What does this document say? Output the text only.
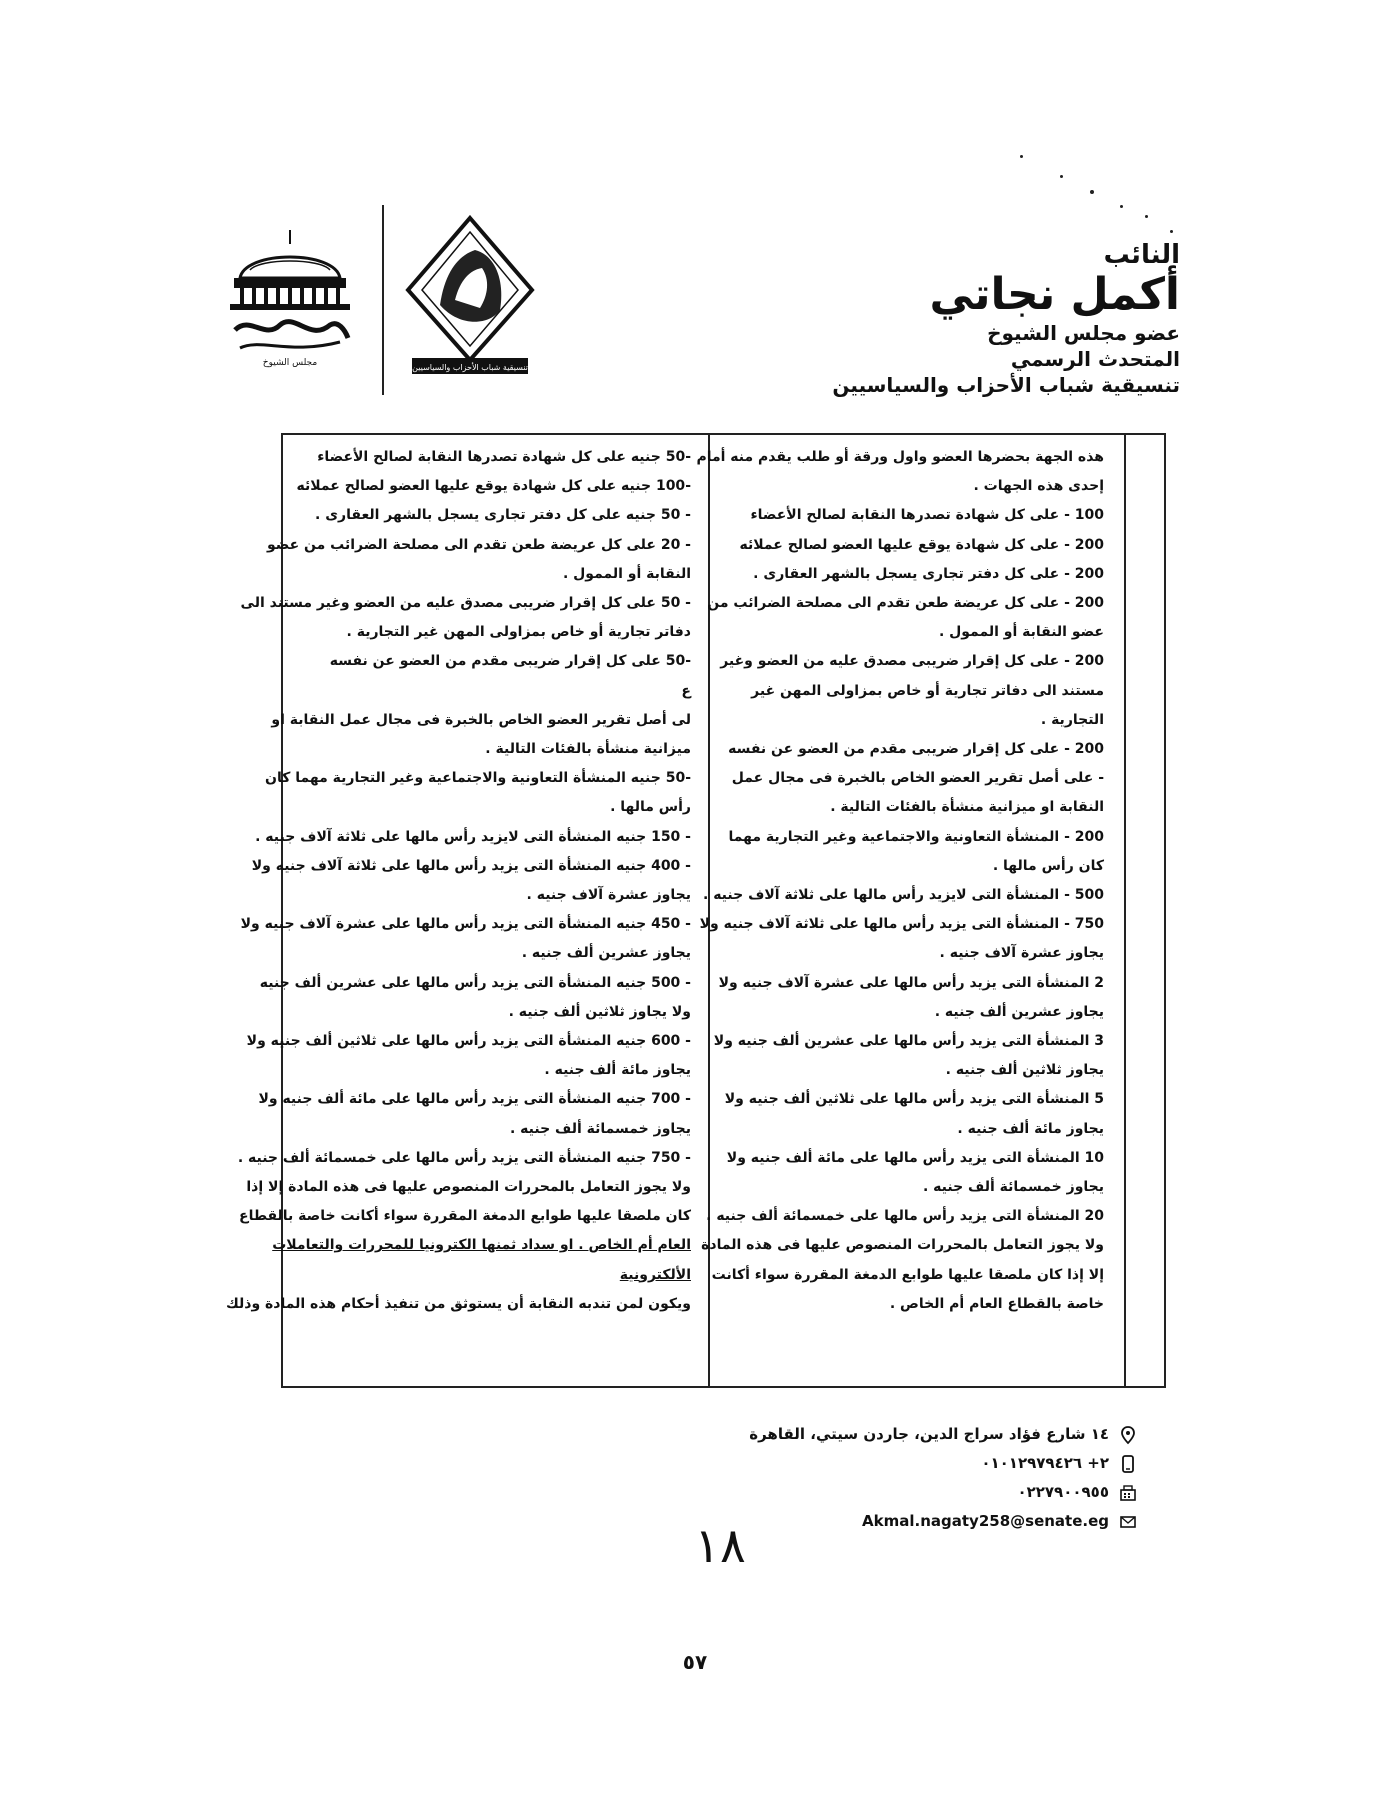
النائب
أكمل نجاتي
عضو مجلس الشيوخ
المتحدث الرسمي
تنسيقية شباب الأحزاب والسياسيين
تنسيقية شباب الأحزاب والسياسيين
مجلس الشيوخ
هذه الجهة بحضرها العضو واول ورقة أو طلب يقدم منه أمام
إحدى هذه الجهات .
100 - على كل شهادة تصدرها النقابة لصالح الأعضاء
200 - على كل شهادة يوقع عليها العضو لصالح عملائه
200 - على كل دفتر تجارى يسجل بالشهر العقارى .
200 - على كل عريضة طعن تقدم الى مصلحة الضرائب من
عضو النقابة أو الممول .
200 - على كل إقرار ضريبى مصدق عليه من العضو وغير
مستند الى دفاتر تجارية أو خاص بمزاولى المهن غير
التجارية .
200 - على كل إقرار ضريبى مقدم من العضو عن نفسه
- على أصل تقرير العضو الخاص بالخبرة فى مجال عمل
النقابة او ميزانية منشأة بالفئات التالية .
200 - المنشأة التعاونية والاجتماعية وغير التجارية مهما
كان رأس مالها .
500 - المنشأة التى لايزيد رأس مالها على ثلاثة آلاف جنيه .
750 - المنشأة التى يزيد رأس مالها على ثلاثة آلاف جنيه ولا
يجاوز عشرة آلاف جنيه .
2 المنشأة التى يزيد رأس مالها على عشرة آلاف جنيه ولا
يجاوز عشرين ألف جنيه .
3 المنشأة التى يزيد رأس مالها على عشرين ألف جنيه ولا
يجاوز ثلاثين ألف جنيه .
5 المنشأة التى يزيد رأس مالها على ثلاثين ألف جنيه ولا
يجاوز مائة ألف جنيه .
10 المنشأة التى يزيد رأس مالها على مائة ألف جنيه ولا
يجاوز خمسمائة ألف جنيه .
20 المنشأة التى يزيد رأس مالها على خمسمائة ألف جنيه .
ولا يجوز التعامل بالمحررات المنصوص عليها فى هذه المادة
إلا إذا كان ملصقا عليها طوابع الدمغة المقررة سواء أكانت
خاصة بالقطاع العام أم الخاص .
-50 جنيه على كل شهادة تصدرها النقابة لصالح الأعضاء
-100 جنيه على كل شهادة يوقع عليها العضو لصالح عملائه
- 50 جنيه على كل دفتر تجارى يسجل بالشهر العقارى .
- 20 على كل عريضة طعن تقدم الى مصلحة الضرائب من عضو
النقابة أو الممول .
- 50 على كل إقرار ضريبى مصدق عليه من العضو وغير مستند الى
دفاتر تجارية أو خاص بمزاولى المهن غير التجارية .
-50 على كل إقرار ضريبى مقدم من العضو عن نفسه
ع
لى أصل تقرير العضو الخاص بالخبرة فى مجال عمل النقابة او
ميزانية منشأة بالفئات التالية .
-50 جنيه المنشأة التعاونية والاجتماعية وغير التجارية مهما كان
رأس مالها .
- 150 جنيه المنشأة التى لايزيد رأس مالها على ثلاثة آلاف جنيه .
- 400 جنيه المنشأة التى يزيد رأس مالها على ثلاثة آلاف جنيه ولا
يجاوز عشرة آلاف جنيه .
- 450 جنيه المنشأة التى يزيد رأس مالها على عشرة آلاف جنيه ولا
يجاوز عشرين ألف جنيه .
- 500 جنيه المنشأة التى يزيد رأس مالها على عشرين ألف جنيه
ولا يجاوز ثلاثين ألف جنيه .
- 600 جنيه المنشأة التى يزيد رأس مالها على ثلاثين ألف جنيه ولا
يجاوز مائة ألف جنيه .
- 700 جنيه المنشأة التى يزيد رأس مالها على مائة ألف جنيه ولا
يجاوز خمسمائة ألف جنيه .
- 750 جنيه المنشأة التى يزيد رأس مالها على خمسمائة ألف جنيه .
ولا يجوز التعامل بالمحررات المنصوص عليها فى هذه المادة إلا إذا
كان ملصقا عليها طوابع الدمغة المقررة سواء أكانت خاصة بالقطاع
العام أم الخاص . او سداد ثمنها الكترونيا للمحررات والتعاملات
الألكترونية
ويكون لمن تندبه النقابة أن يستوثق من تنفيذ أحكام هذه المادة وذلك
١٤ شارع فؤاد سراج الدين، جاردن سيتي، القاهرة
٢+ ٠١٠١٢٩٧٩٤٢٦
٠٢٢٧٩٠٠٩٥٥
Akmal.nagaty258@senate.eg
١٨
٥٧
